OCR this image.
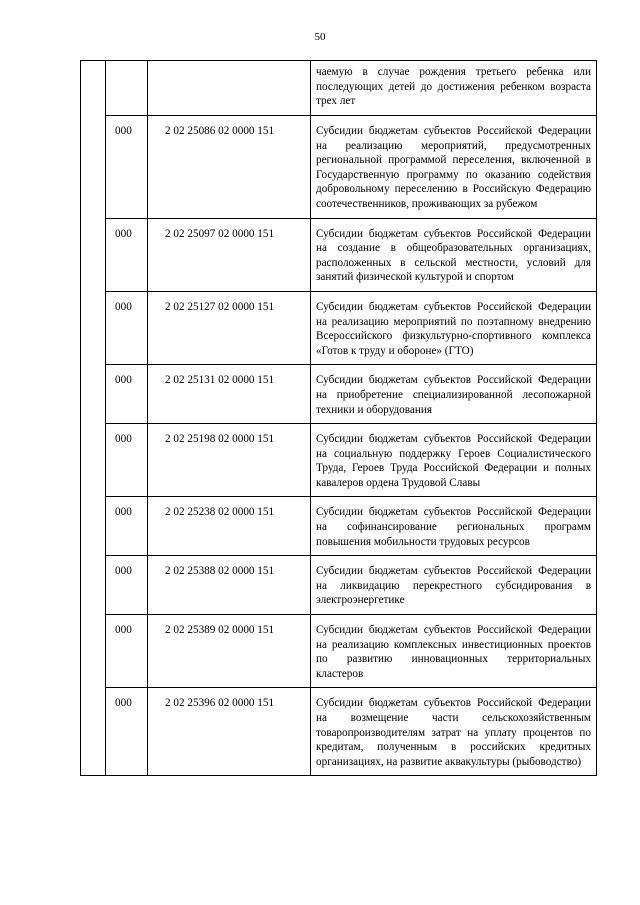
50
			чаемую в случае рождения третьего ребенка или последующих детей до достижения ребенком возраста трех лет
	000	2 02 25086 02 0000 151	Субсидии бюджетам субъектов Российской Федерации на реализацию мероприятий, предусмотренных региональной программой переселения, включенной в Государственную программу по оказанию содействия добровольному переселению в Российскую Федерацию соотечественников, проживающих за рубежом
	000	2 02 25097 02 0000 151	Субсидии бюджетам субъектов Российской Федерации на создание в общеобразовательных организациях, расположенных в сельской местности, условий для занятий физической культурой и спортом
	000	2 02 25127 02 0000 151	Субсидии бюджетам субъектов Российской Федерации на реализацию мероприятий по поэтапному внедрению Всероссийского физкультурно-спортивного комплекса «Готов к труду и обороне» (ГТО)
	000	2 02 25131 02 0000 151	Субсидии бюджетам субъектов Российской Федерации на приобретение специализированной лесопожарной техники и оборудования
	000	2 02 25198 02 0000 151	Субсидии бюджетам субъектов Российской Федерации на социальную поддержку Героев Социалистического Труда, Героев Труда Российской Федерации и полных кавалеров ордена Трудовой Славы
	000	2 02 25238 02 0000 151	Субсидии бюджетам субъектов Российской Федерации на софинансирование региональных программ повышения мобильности трудовых ресурсов
	000	2 02 25388 02 0000 151	Субсидии бюджетам субъектов Российской Федерации на ликвидацию перекрестного субсидирования в электроэнергетике
	000	2 02 25389 02 0000 151	Субсидии бюджетам субъектов Российской Федерации на реализацию комплексных инвестиционных проектов по развитию инновационных территориальных кластеров
	000	2 02 25396 02 0000 151	Субсидии бюджетам субъектов Российской Федерации на возмещение части сельскохозяйственным товаропроизводителям затрат на уплату процентов по кредитам, полученным в российских кредитных организациях, на развитие аквакультуры (рыбоводство)
